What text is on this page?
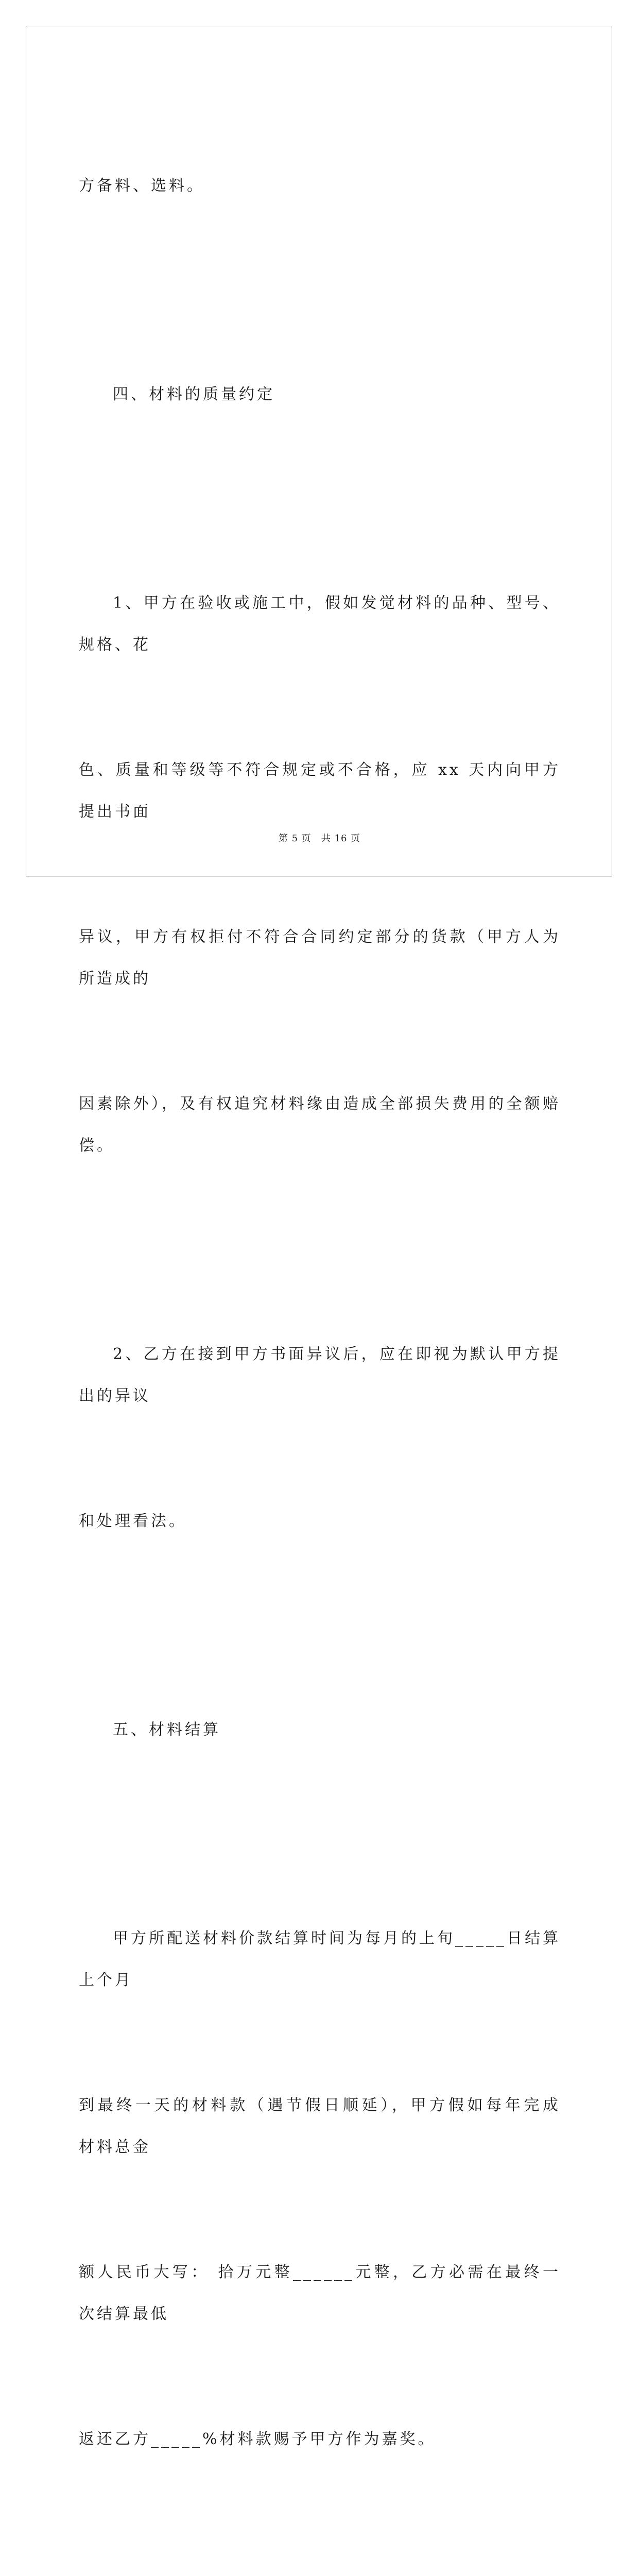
方备料、选料。

四、材料的质量约定

1、甲方在验收或施工中，假如发觉材料的品种、型号、规格、花

色、质量和等级等不符合规定或不合格，应 xx 天内向甲方提出书面

异议，甲方有权拒付不符合合同约定部分的货款（甲方人为所造成的

因素除外），及有权追究材料缘由造成全部损失费用的全额赔偿。

2、乙方在接到甲方书面异议后，应在即视为默认甲方提出的异议

和处理看法。

五、材料结算

甲方所配送材料价款结算时间为每月的上旬_____日结算上个月

到最终一天的材料款（遇节假日顺延），甲方假如每年完成 材料总金

额人民币大写： 拾万元整______元整，乙方必需在最终一次结算最低

返还乙方_____%材料款赐予甲方作为嘉奖。

第 5 页　共 16 页
